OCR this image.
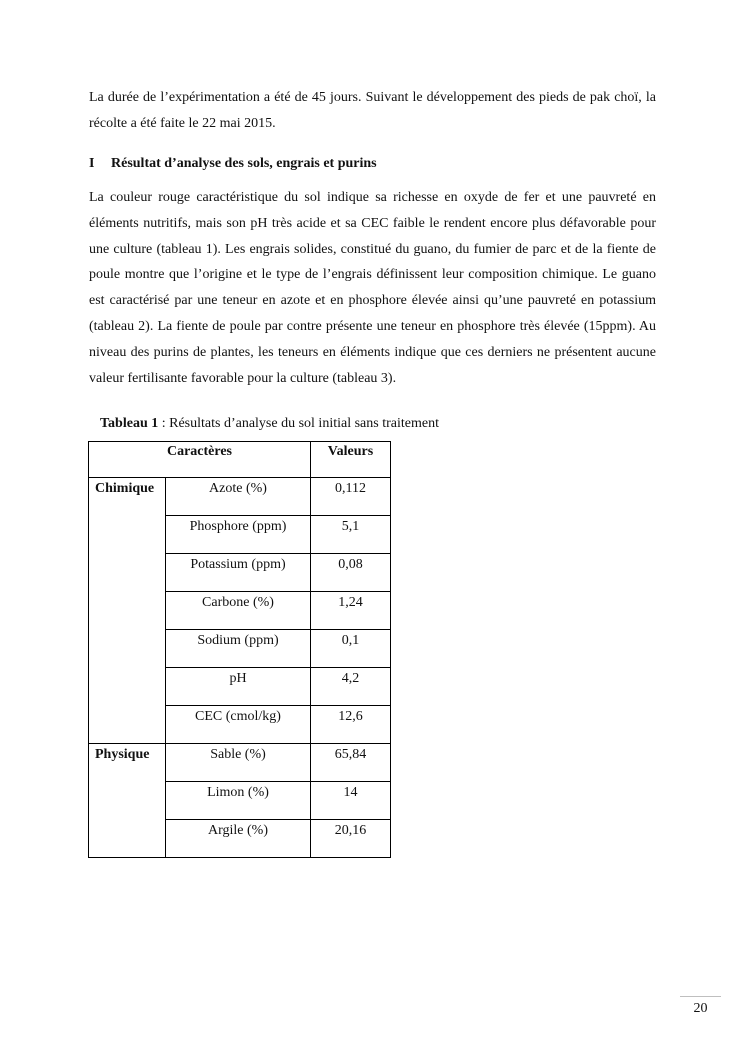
La durée de l’expérimentation a été de 45 jours. Suivant le développement des pieds de pak choï, la récolte a été faite le 22 mai 2015.

I Résultat d’analyse des sols, engrais et purins

La couleur rouge caractéristique du sol indique sa richesse en oxyde de fer et une pauvreté en éléments nutritifs, mais son pH très acide et sa CEC faible le rendent encore plus défavorable pour une culture (tableau 1). Les engrais solides, constitué du guano, du fumier de parc et de la fiente de poule montre que l’origine et le type de l’engrais définissent leur composition chimique. Le guano est caractérisé par une teneur en azote et en phosphore élevée ainsi qu’une pauvreté en potassium (tableau 2). La fiente de poule par contre présente une teneur en phosphore très élevée (15ppm). Au niveau des purins de plantes, les teneurs en éléments indique que ces derniers ne présentent aucune valeur fertilisante favorable pour la culture (tableau 3).

Tableau 1 : Résultats d’analyse du sol initial sans traitement

Caractères		Valeurs
Chimique	Azote (%)	0,112
	Phosphore (ppm)	5,1
	Potassium (ppm)	0,08
	Carbone (%)	1,24
	Sodium (ppm)	0,1
	pH	4,2
	CEC (cmol/kg)	12,6
Physique	Sable (%)	65,84
	Limon (%)	14
	Argile (%)	20,16
20
